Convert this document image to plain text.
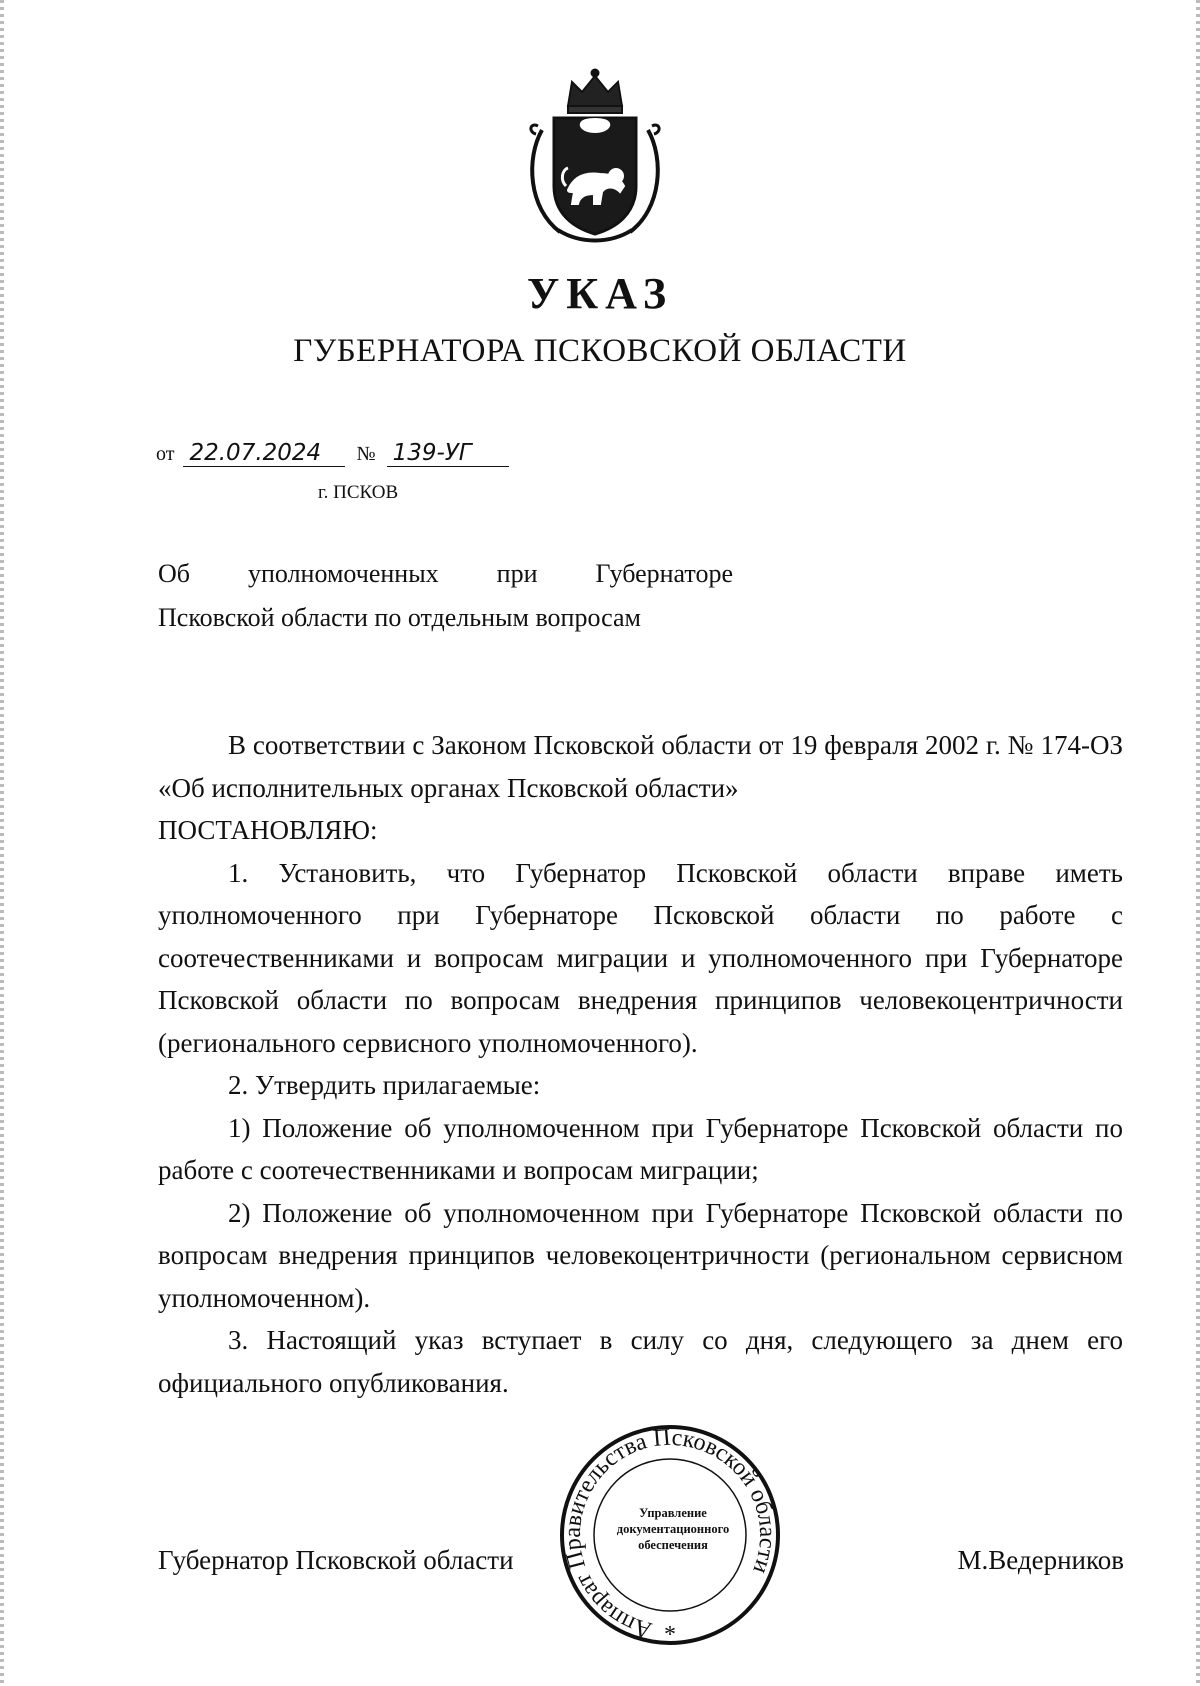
УКАЗ
ГУБЕРНАТОРА ПСКОВСКОЙ ОБЛАСТИ
от 22.07.2024 № 139-УГ
г. ПСКОВ
Об уполномоченных при Губернаторе
Псковской области по отдельным вопросам

В соответствии с Законом Псковской области от 19 февраля 2002 г. № 174-ОЗ «Об исполнительных органах Псковской области»

ПОСТАНОВЛЯЮ:

1. Установить, что Губернатор Псковской области вправе иметь уполномоченного при Губернаторе Псковской области по работе с соотечественниками и вопросам миграции и уполномоченного при Губернаторе Псковской области по вопросам внедрения принципов человекоцентричности (регионального сервисного уполномоченного).

2. Утвердить прилагаемые:

1) Положение об уполномоченном при Губернаторе Псковской области по работе с соотечественниками и вопросам миграции;

2) Положение об уполномоченном при Губернаторе Псковской области по вопросам внедрения принципов человекоцентричности (региональном сервисном уполномоченном).

3. Настоящий указ вступает в силу со дня, следующего за днем его официального опубликования.

Аппарат Правительства Псковской области
*
Управление
документационного
обеспечения
Губернатор Псковской области	М.Ведерников
